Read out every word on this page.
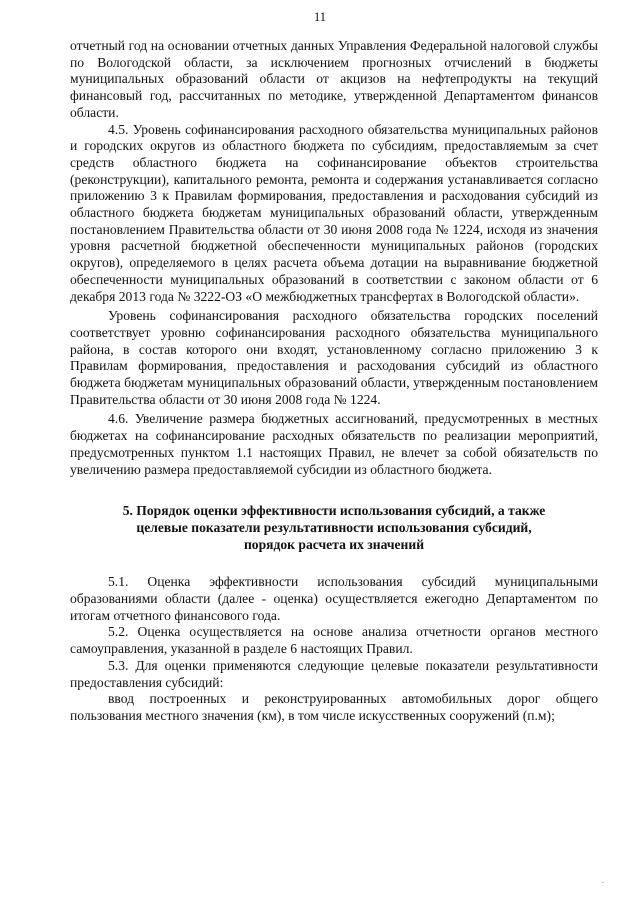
11

отчетный год на основании отчетных данных Управления Федеральной налоговой службы по Вологодской области, за исключением прогнозных отчислений в бюджеты муниципальных образований области от акцизов на нефтепродукты на текущий финансовый год, рассчитанных по методике, утвержденной Департаментом финансов области.

4.5. Уровень софинансирования расходного обязательства муниципальных районов и городских округов из областного бюджета по субсидиям, предоставляемым за счет средств областного бюджета на софинансирование объектов строительства (реконструкции), капитального ремонта, ремонта и содержания устанавливается согласно приложению 3 к Правилам формирования, предоставления и расходования субсидий из областного бюджета бюджетам муниципальных образований области, утвержденным постановлением Правительства области от 30 июня 2008 года № 1224, исходя из значения уровня расчетной бюджетной обеспеченности муниципальных районов (городских округов), определяемого в целях расчета объема дотации на выравнивание бюджетной обеспеченности муниципальных образований в соответствии с законом области от 6 декабря 2013 года № 3222-ОЗ «О межбюджетных трансфертах в Вологодской области».

Уровень софинансирования расходного обязательства городских поселений соответствует уровню софинансирования расходного обязательства муниципального района, в состав которого они входят, установленному согласно приложению 3 к Правилам формирования, предоставления и расходования субсидий из областного бюджета бюджетам муниципальных образований области, утвержденным постановлением Правительства области от 30 июня 2008 года № 1224.

4.6. Увеличение размера бюджетных ассигнований, предусмотренных в местных бюджетах на софинансирование расходных обязательств по реализации мероприятий, предусмотренных пунктом 1.1 настоящих Правил, не влечет за собой обязательств по увеличению размера предоставляемой субсидии из областного бюджета.

5. Порядок оценки эффективности использования субсидий, а также
целевые показатели результативности использования субсидий,
порядок расчета их значений

5.1. Оценка эффективности использования субсидий муниципальными образованиями области (далее - оценка) осуществляется ежегодно Департаментом по итогам отчетного финансового года.

5.2. Оценка осуществляется на основе анализа отчетности органов местного самоуправления, указанной в разделе 6 настоящих Правил.

5.3. Для оценки применяются следующие целевые показатели результативности предоставления субсидий:

ввод построенных и реконструированных автомобильных дорог общего пользования местного значения (км), в том числе искусственных сооружений (п.м);

.
